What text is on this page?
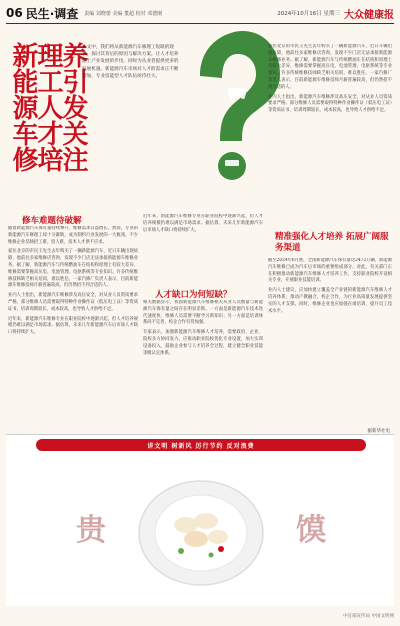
06 民生·调查 责编 刘晓蕾 美编 董超 校对 邓德刚	2024年10月16日 星期三 大众健康报
新能源车修
理工人才培
养引发关注
本文中，我们将从新能源汽车修理工短缺的现状，探讨其背后的原因与解决方案。让人才培养跟上产业发展的步伐，同时为从业者提供更多的发展机遇。新能源汽车市场对人才的需求正不断增加，专业技能型人才队伍亟待壮大。
修车难题待破解

随着新能源汽车保有量持续攀升，维修需求日益增长。然而，专业的新能源汽车修理工却十分紧缺，成为制约行业发展的一大瓶颈。不少维修企业反映招工难、留人难，技术人才供不应求。

家住北京的市民王先生去年购买了一辆新能源汽车，近日车辆出现故障，他前往多家维修店咨询，发现不少门店无法承接新能源车维修业务。据了解，新能源汽车与传统燃油车在结构和原理上有较大差异，维修需要掌握高压电、电池管理、电驱系统等专业知识。许多传统维修技师缺乏相关培训，难以胜任。一家汽修厂负责人表示，目前新能源车维修技师月薪普遍较高，但仍然招不到合适的人。

业内人士指出，新能源汽车维修涉及高压安全，对从业人员资质要求严格。部分维修人员需要取得特种作业操作证（低压电工证）等资质证书，培训周期较长，成本较高，也导致人才供给不足。

近年来，新能源汽车维修专业在职业院校中逐渐兴起，但人才培养规模仍难以满足市场需求。据估算，未来几年新能源汽车后市场人才缺口将持续扩大。

近年来，新能源汽车维修专业在职业院校中逐渐兴起，但人才培养规模仍难以满足市场需求。据估算，未来几年新能源汽车后市场人才缺口将持续扩大。

人才缺口为何短缺？

相关数据显示，我国新能源汽车维修相关从业人员数量与新能源汽车保有量之间存在明显差距。一方面是新能源汽车技术迭代速度快，维修人员需要不断学习新知识；另一方面是培训体系尚不完善，校企合作有待加强。

专家表示，加强新能源汽车维修人才培养，需要政府、企业、院校多方协同发力。应推动职业院校优化专业设置，加大实训设备投入，鼓励企业参与人才培养全过程，建立健全职业技能等级认定体系。

家住北京的市民王先生去年购买了一辆新能源汽车，近日车辆出现故障，他前往多家维修店咨询，发现不少门店无法承接新能源车维修业务。据了解，新能源汽车与传统燃油车在结构和原理上有较大差异，维修需要掌握高压电、电池管理、电驱系统等专业知识。许多传统维修技师缺乏相关培训，难以胜任。一家汽修厂负责人表示，目前新能源车维修技师月薪普遍较高，但仍然招不到合适的人。

业内人士指出，新能源汽车维修涉及高压安全，对从业人员资质要求严格。部分维修人员需要取得特种作业操作证（低压电工证）等资质证书，培训周期较长，成本较高，也导致人才供给不足。

精准强化人才培养 拓展广阔服务渠道

截至2024年6月底，全国新能源汽车保有量达2472万辆，新能源汽车维修已成为汽车后市场的重要组成部分。对此，有关部门正在积极推动新能源汽车维修人才培养工作，支持职业院校开设相关专业，开展职业技能培训。

业内人士建议，应加快建立覆盖全产业链的新能源汽车维修人才培养体系，推动产教融合、校企合作，为行业高质量发展提供坚实的人才支撑。同时，维修企业也应加强在岗培训，提升员工技术水平。

据新华社电
讲文明 树新风 厉行节约 反对浪费
贵	馍
中宣部宣传局 中国文明网
